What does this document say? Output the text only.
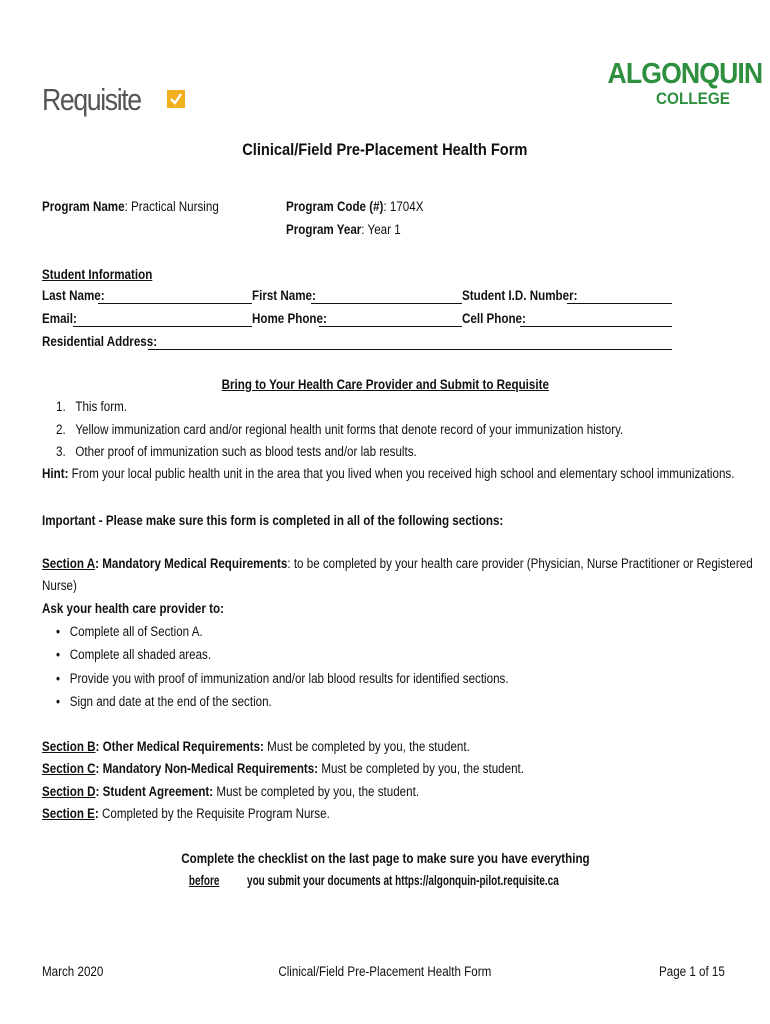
Requisite
ALGONQUIN
COLLEGE
Clinical/Field Pre-Placement Health Form
Program Name: Practical Nursing	Program Code (#): 1704X
Program Year: Year 1
Student Information
Last Name:	First Name:	Student I.D. Number:
Email:	Home Phone:	Cell Phone:
Residential Address:
Bring to Your Health Care Provider and Submit to Requisite
1.   This form.
2.   Yellow immunization card and/or regional health unit forms that denote record of your immunization history.
3.   Other proof of immunization such as blood tests and/or lab results.
Hint: From your local public health unit in the area that you lived when you received high school and elementary school immunizations.
Important - Please make sure this form is completed in all of the following sections:
Section A: Mandatory Medical Requirements: to be completed by your health care provider (Physician, Nurse Practitioner or Registered
Nurse)
Ask your health care provider to:
•   Complete all of Section A.
•   Complete all shaded areas.
•   Provide you with proof of immunization and/or lab blood results for identified sections.
•   Sign and date at the end of the section.
Section B: Other Medical Requirements: Must be completed by you, the student.
Section C: Mandatory Non-Medical Requirements: Must be completed by you, the student.
Section D: Student Agreement: Must be completed by you, the student.
Section E: Completed by the Requisite Program Nurse.
Complete the checklist on the last page to make sure you have everything
beforeyou submit your documents at https://algonquin-pilot.requisite.ca
March 2020	Clinical/Field Pre-Placement Health Form	Page 1 of 15
